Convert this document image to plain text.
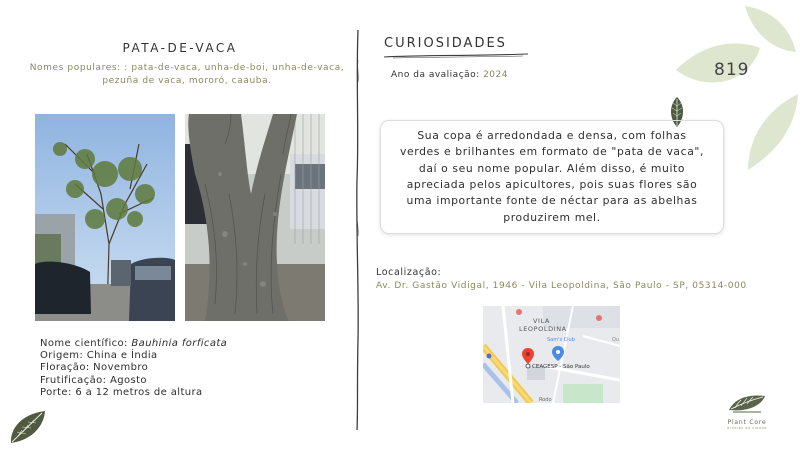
819
PATA-DE-VACA
Nomes populares: : pata-de-vaca, unha-de-boi, unha-de-vaca, pezuña de vaca, mororó, caauba.
Nome científico: Bauhinia forficata
Origem: China e Índia
Floração: Novembro
Frutificação: Agosto
Porte: 6 a 12 metros de altura
CURIOSIDADES
Ano da avaliação: 2024

Sua copa é arredondada e densa, com folhas verdes e brilhantes em formato de "pata de vaca", daí o seu nome popular. Além disso, é muito apreciada pelos apicultores, pois suas flores são uma importante fonte de néctar para as abelhas produzirem mel.

Localização:
Av. Dr. Gastão Vidigal, 1946 - Vila Leopoldina, São Paulo - SP, 05314-000
VILA
LEOPOLDINA
Sam's Club
CEAGESP - São Paulo
Rodo
Qu
Plant Core
árvores da cidade
